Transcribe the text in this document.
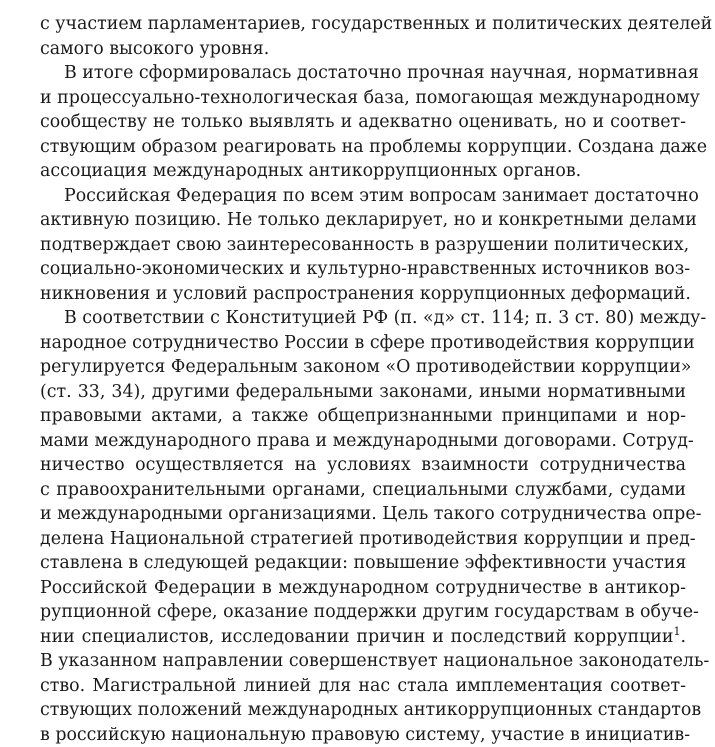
с участием парламентариев, государственных и политических деятелей
самого высокого уровня.
В итоге сформировалась достаточно прочная научная, нормативная
и процессуально-технологическая база, помогающая международному
сообществу не только выявлять и адекватно оценивать, но и соответ-
ствующим образом реагировать на проблемы коррупции. Создана даже
ассоциация международных антикоррупционных органов.
Российская Федерация по всем этим вопросам занимает достаточно
активную позицию. Не только декларирует, но и конкретными делами
подтверждает свою заинтересованность в разрушении политических,
социально-экономических и культурно-нравственных источников воз-
никновения и условий распространения коррупционных деформаций.
В соответствии с Конституцией РФ (п. «д» ст. 114; п. 3 ст. 80) между-
народное сотрудничество России в сфере противодействия коррупции
регулируется Федеральным законом «О противодействии коррупции»
(ст. 33, 34), другими федеральными законами, иными нормативными
правовыми актами, а также общепризнанными принципами и нор-
мами международного права и международными договорами. Сотруд-
ничество осуществляется на условиях взаимности сотрудничества
с правоохранительными органами, специальными службами, судами
и международными организациями. Цель такого сотрудничества опре-
делена Национальной стратегией противодействия коррупции и пред-
ставлена в следующей редакции: повышение эффективности участия
Российской Федерации в международном сотрудничестве в антикор-
рупционной сфере, оказание поддержки другим государствам в обуче-
нии специалистов, исследовании причин и последствий коррупции$^1$.
В указанном направлении совершенствует национальное законодатель-
ство. Магистральной линией для нас стала имплементация соответ-
ствующих положений международных антикоррупционных стандартов
в российскую национальную правовую систему, участие в инициатив-
